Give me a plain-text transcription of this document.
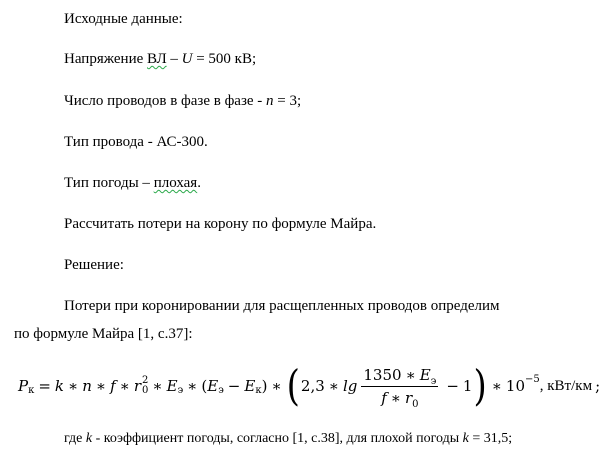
Исходные данные:
Напряжение ВЛ – U = 500 кВ;
Число проводов в фазе в фазе - n = 3;
Тип провода - АС-300.
Тип погоды – плохая.
Рассчитать потери на корону по формуле Майра.
Решение:
Потери при коронировании для расщепленных проводов определим
по формуле Майра [1, с.37]:
P к = k ∗ n ∗ f ∗ r 2
0 ∗ E э ∗ ( E э − E к ) ∗ ( 2,3 ∗ $\lg \frac{1350 ∗ E_э}{f ∗ r_0} - 1$ ) ∗ 10 −5 , кВт/км ;
где k - коэффициент погоды, согласно [1, с.38], для плохой погоды k = 31,5;
